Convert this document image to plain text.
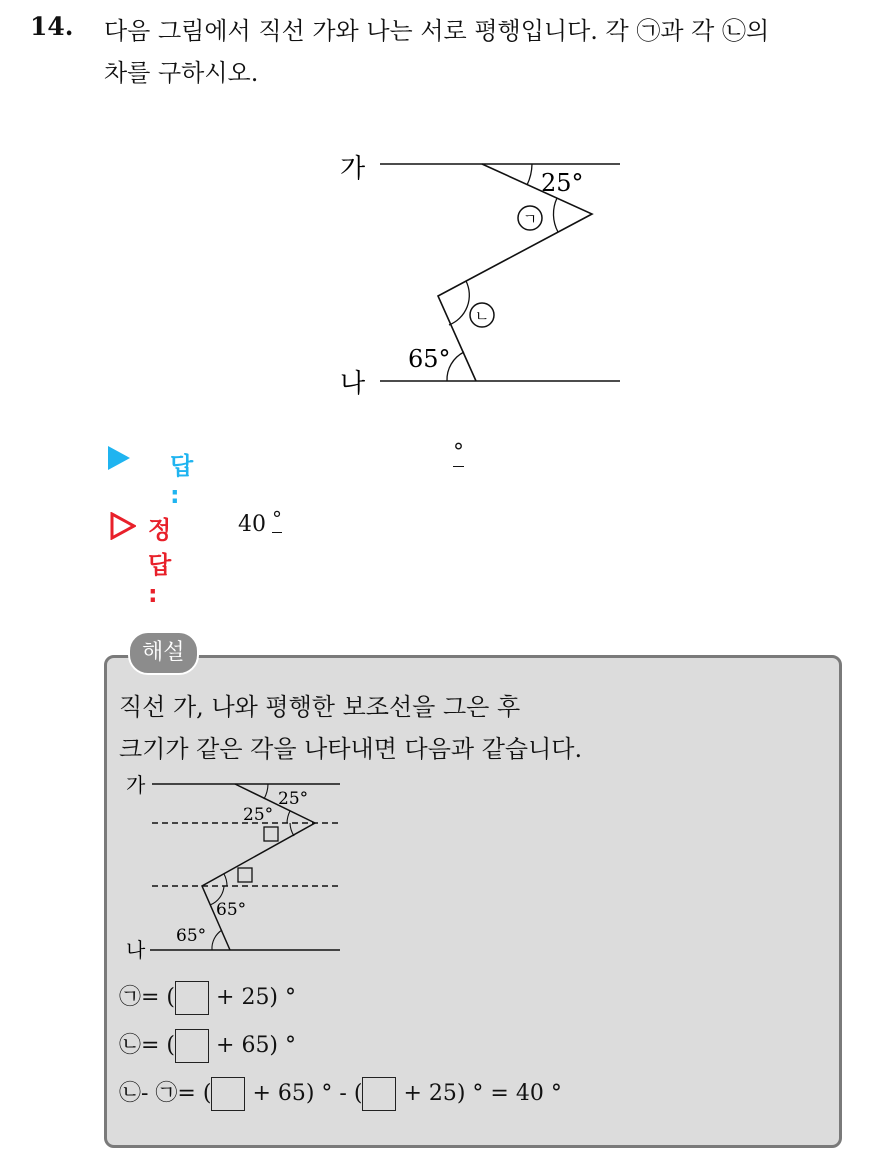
14. 다음 그림에서 직선 가와 나는 서로 평행입니다. 각 ㉠과 각 ㉡의
차를 구하시오.

가
나
25°
ㄱ
ㄴ
65°
답 :
°
정답 :
40 °
해설

직선 가, 나와 평행한 보조선을 그은 후
크기가 같은 각을 나타내면 다음과 같습니다.

가
나
25°
25°
65°
65°
㉠= ( + 25) °
㉡= ( + 65) °
㉡- ㉠= ( + 65) ° - ( + 25) ° = 40 °
